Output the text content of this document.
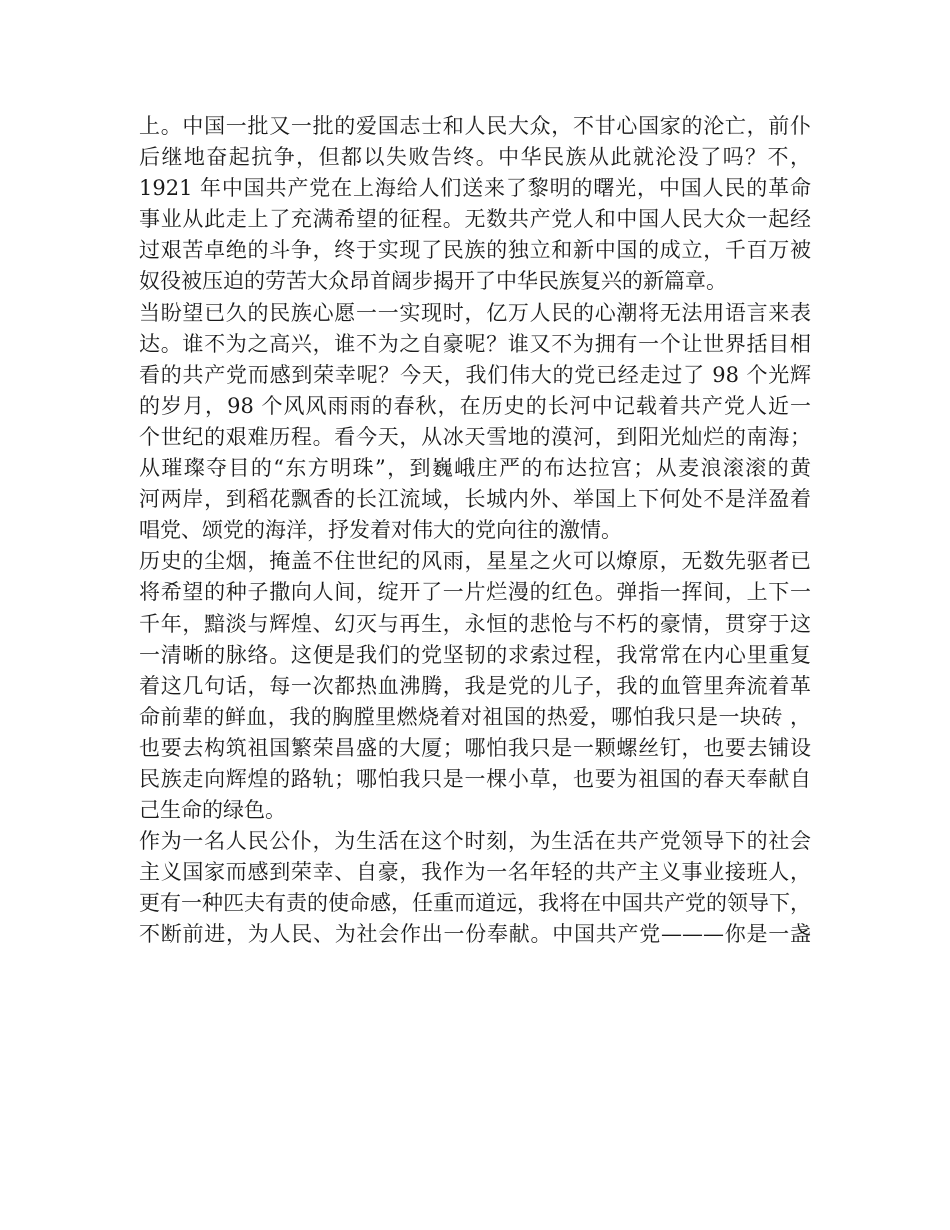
上。中国一批又一批的爱国志士和人民大众，不甘心国家的沦亡，前仆
后继地奋起抗争，但都以失败告终。中华民族从此就沦没了吗？不，
1921 年中国共产党在上海给人们送来了黎明的曙光，中国人民的革命
事业从此走上了充满希望的征程。无数共产党人和中国人民大众一起经
过艰苦卓绝的斗争，终于实现了民族的独立和新中国的成立，千百万被
奴役被压迫的劳苦大众昂首阔步揭开了中华民族复兴的新篇章。
当盼望已久的民族心愿一一实现时，亿万人民的心潮将无法用语言来表
达。谁不为之高兴，谁不为之自豪呢？谁又不为拥有一个让世界括目相
看的共产党而感到荣幸呢？今天，我们伟大的党已经走过了 98 个光辉
的岁月，98 个风风雨雨的春秋，在历史的长河中记载着共产党人近一
个世纪的艰难历程。看今天，从冰天雪地的漠河，到阳光灿烂的南海；
从璀璨夺目的“东方明珠”，到巍峨庄严的布达拉宫；从麦浪滚滚的黄
河两岸，到稻花飘香的长江流域，长城内外、举国上下何处不是洋盈着
唱党、颂党的海洋，抒发着对伟大的党向往的激情。
历史的尘烟，掩盖不住世纪的风雨，星星之火可以燎原，无数先驱者已
将希望的种子撒向人间，绽开了一片烂漫的红色。弹指一挥间，上下一
千年，黯淡与辉煌、幻灭与再生，永恒的悲怆与不朽的豪情，贯穿于这
一清晰的脉络。这便是我们的党坚韧的求索过程，我常常在内心里重复
着这几句话，每一次都热血沸腾，我是党的儿子，我的血管里奔流着革
命前辈的鲜血，我的胸膛里燃烧着对祖国的热爱，哪怕我只是一块砖 ，
也要去构筑祖国繁荣昌盛的大厦；哪怕我只是一颗螺丝钉，也要去铺设
民族走向辉煌的路轨；哪怕我只是一棵小草，也要为祖国的春天奉献自
己生命的绿色。
作为一名人民公仆，为生活在这个时刻，为生活在共产党领导下的社会
主义国家而感到荣幸、自豪，我作为一名年轻的共产主义事业接班人，
更有一种匹夫有责的使命感，任重而道远，我将在中国共产党的领导下，
不断前进，为人民、为社会作出一份奉献。中国共产党———你是一盏
